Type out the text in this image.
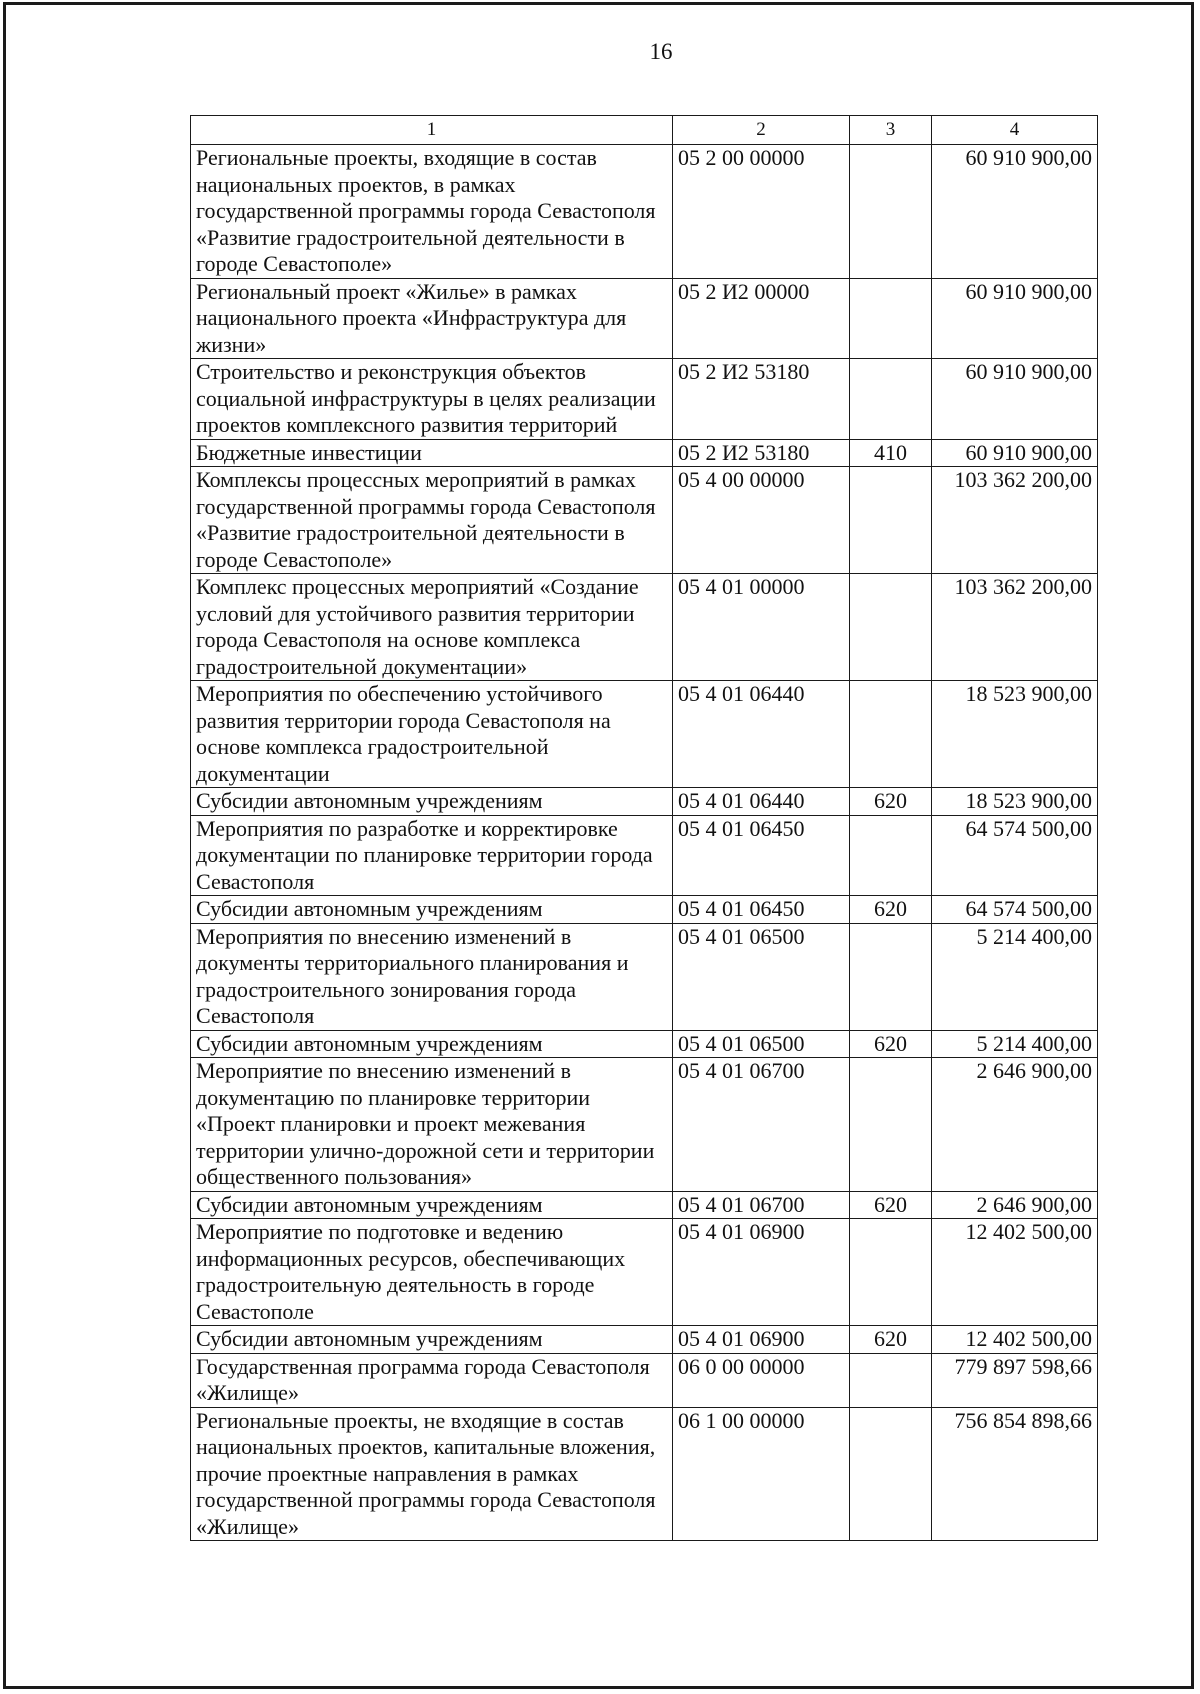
16
1	2	3	4
Региональные проекты, входящие в состав национальных проектов, в рамках государственной программы города Севастополя «Развитие градостроительной деятельности в городе Севастополе»	05 2 00 00000		60 910 900,00
Региональный проект «Жилье» в рамках национального проекта «Инфраструктура для жизни»	05 2 И2 00000		60 910 900,00
Строительство и реконструкция объектов социальной инфраструктуры в целях реализации проектов комплексного развития территорий	05 2 И2 53180		60 910 900,00
Бюджетные инвестиции	05 2 И2 53180	410	60 910 900,00
Комплексы процессных мероприятий в рамках государственной программы города Севастополя «Развитие градостроительной деятельности в городе Севастополе»	05 4 00 00000		103 362 200,00
Комплекс процессных мероприятий «Создание условий для устойчивого развития территории города Севастополя на основе комплекса градостроительной документации»	05 4 01 00000		103 362 200,00
Мероприятия по обеспечению устойчивого развития территории города Севастополя на основе комплекса градостроительной документации	05 4 01 06440		18 523 900,00
Субсидии автономным учреждениям	05 4 01 06440	620	18 523 900,00
Мероприятия по разработке и корректировке документации по планировке территории города Севастополя	05 4 01 06450		64 574 500,00
Субсидии автономным учреждениям	05 4 01 06450	620	64 574 500,00
Мероприятия по внесению изменений в документы территориального планирования и градостроительного зонирования города Севастополя	05 4 01 06500		5 214 400,00
Субсидии автономным учреждениям	05 4 01 06500	620	5 214 400,00
Мероприятие по внесению изменений в документацию по планировке территории «Проект планировки и проект межевания территории улично-дорожной сети и территории общественного пользования»	05 4 01 06700		2 646 900,00
Субсидии автономным учреждениям	05 4 01 06700	620	2 646 900,00
Мероприятие по подготовке и ведению информационных ресурсов, обеспечивающих градостроительную деятельность в городе Севастополе	05 4 01 06900		12 402 500,00
Субсидии автономным учреждениям	05 4 01 06900	620	12 402 500,00
Государственная программа города Севастополя «Жилище»	06 0 00 00000		779 897 598,66
Региональные проекты, не входящие в состав национальных проектов, капитальные вложения, прочие проектные направления в рамках государственной программы города Севастополя «Жилище»	06 1 00 00000		756 854 898,66
